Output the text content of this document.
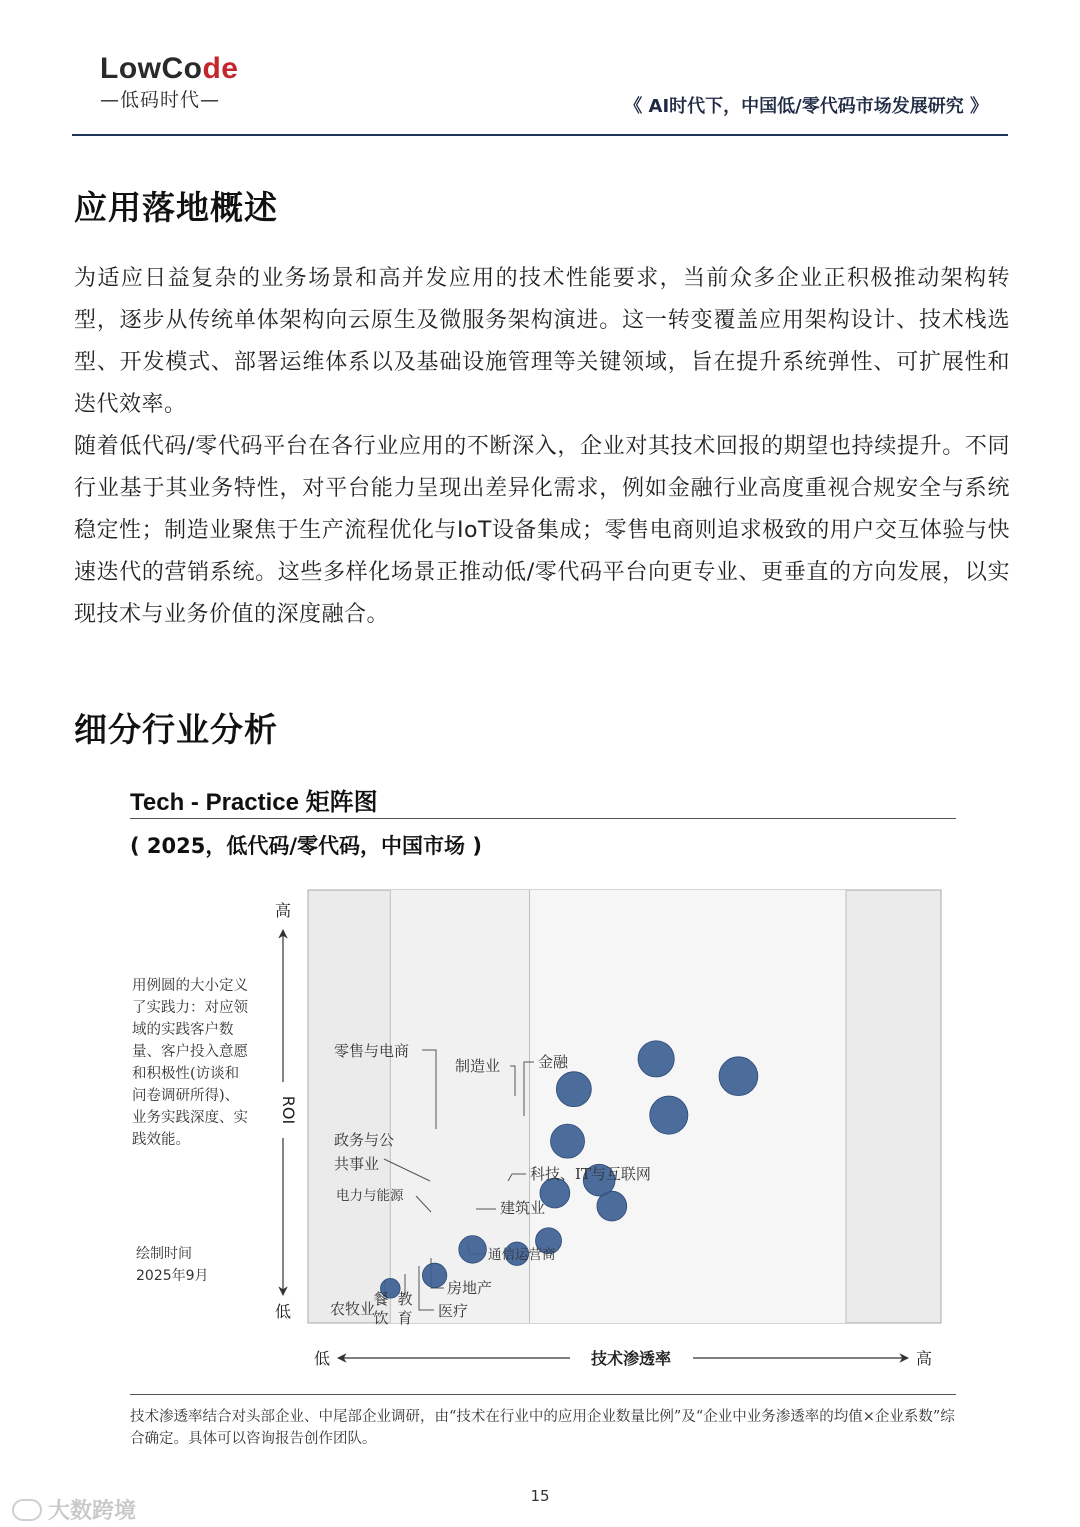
LowCode
—低码时代—	《 AI时代下，中国低/零代码市场发展研究 》
应用落地概述

为适应日益复杂的业务场景和高并发应用的技术性能要求，当前众多企业正积极推动架构转型，逐步从传统单体架构向云原生及微服务架构演进。这一转变覆盖应用架构设计、技术栈选型、开发模式、部署运维体系以及基础设施管理等关键领域，旨在提升系统弹性、可扩展性和迭代效率。

随着低代码/零代码平台在各行业应用的不断深入，企业对其技术回报的期望也持续提升。不同行业基于其业务特性，对平台能力呈现出差异化需求，例如金融行业高度重视合规安全与系统稳定性；制造业聚焦于生产流程优化与IoT设备集成；零售电商则追求极致的用户交互体验与快速迭代的营销系统。这些多样化场景正推动低/零代码平台向更专业、更垂直的方向发展，以实现技术与业务价值的深度融合。

细分行业分析
Tech - Practice 矩阵图
( 2025，低代码/零代码，中国市场 )

用例圆的大小定义了实践力：对应领域的实践客户数量、客户投入意愿和积极性(访谈和问卷调研所得)、业务实践深度、实践效能。

绘制时间
2025年9月
农牧业
餐饮
教育 医疗
房地产
通信运营商
电力与能源
建筑业
政务与公共事业
零售与电商
科技、IT与互联网
制造业	金融
高
低
ROI
低	高
技术渗透率

技术渗透率结合对头部企业、中尾部企业调研，由“技术在行业中的应用企业数量比例”及“企业中业务渗透率的均值×企业系数”综合确定。具体可以咨询报告创作团队。

15
大数跨境
